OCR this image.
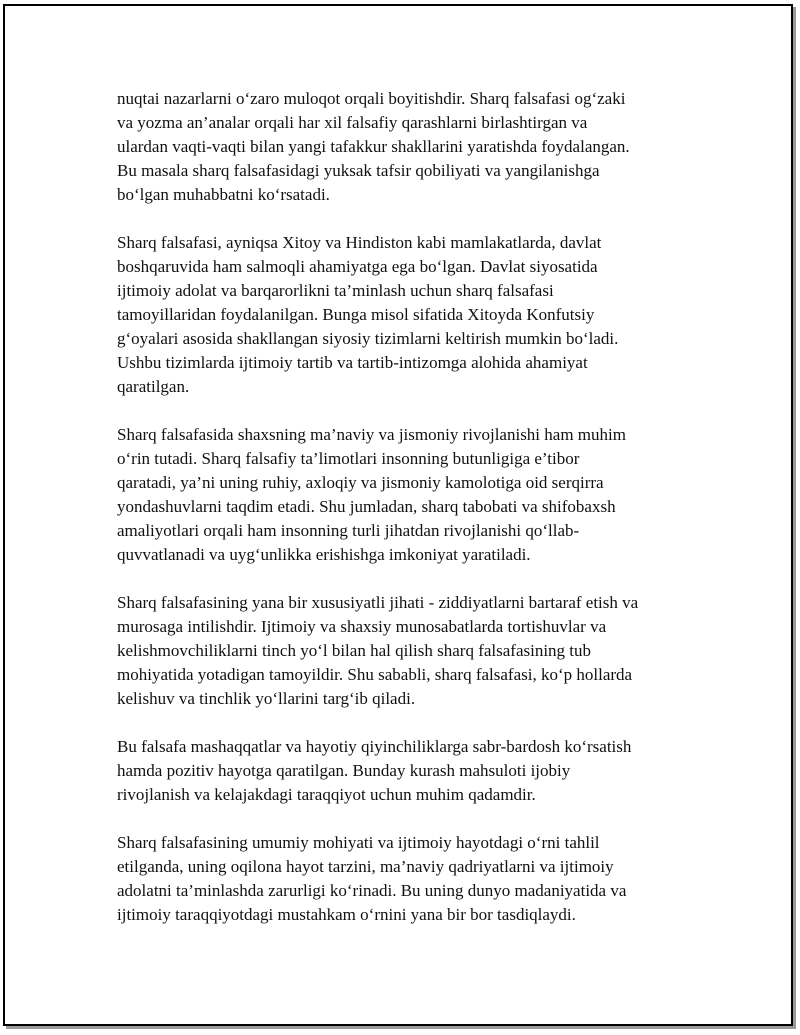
nuqtai nazarlarni o‘zaro muloqot orqali boyitishdir. Sharq falsafasi og‘zaki
va yozma an’analar orqali har xil falsafiy qarashlarni birlashtirgan va
ulardan vaqti-vaqti bilan yangi tafakkur shakllarini yaratishda foydalangan.
Bu masala sharq falsafasidagi yuksak tafsir qobiliyati va yangilanishga
bo‘lgan muhabbatni ko‘rsatadi.

Sharq falsafasi, ayniqsa Xitoy va Hindiston kabi mamlakatlarda, davlat
boshqaruvida ham salmoqli ahamiyatga ega bo‘lgan. Davlat siyosatida
ijtimoiy adolat va barqarorlikni ta’minlash uchun sharq falsafasi
tamoyillaridan foydalanilgan. Bunga misol sifatida Xitoyda Konfutsiy
g‘oyalari asosida shakllangan siyosiy tizimlarni keltirish mumkin bo‘ladi.
Ushbu tizimlarda ijtimoiy tartib va tartib-intizomga alohida ahamiyat
qaratilgan.

Sharq falsafasida shaxsning ma’naviy va jismoniy rivojlanishi ham muhim
o‘rin tutadi. Sharq falsafiy ta’limotlari insonning butunligiga e’tibor
qaratadi, ya’ni uning ruhiy, axloqiy va jismoniy kamolotiga oid serqirra
yondashuvlarni taqdim etadi. Shu jumladan, sharq tabobati va shifobaxsh
amaliyotlari orqali ham insonning turli jihatdan rivojlanishi qo‘llab-
quvvatlanadi va uyg‘unlikka erishishga imkoniyat yaratiladi.

Sharq falsafasining yana bir xususiyatli jihati - ziddiyatlarni bartaraf etish va
murosaga intilishdir. Ijtimoiy va shaxsiy munosabatlarda tortishuvlar va
kelishmovchiliklarni tinch yo‘l bilan hal qilish sharq falsafasining tub
mohiyatida yotadigan tamoyildir. Shu sababli, sharq falsafasi, ko‘p hollarda
kelishuv va tinchlik yo‘llarini targ‘ib qiladi.

Bu falsafa mashaqqatlar va hayotiy qiyinchiliklarga sabr-bardosh ko‘rsatish
hamda pozitiv hayotga qaratilgan. Bunday kurash mahsuloti ijobiy
rivojlanish va kelajakdagi taraqqiyot uchun muhim qadamdir.

Sharq falsafasining umumiy mohiyati va ijtimoiy hayotdagi o‘rni tahlil
etilganda, uning oqilona hayot tarzini, ma’naviy qadriyatlarni va ijtimoiy
adolatni ta’minlashda zarurligi ko‘rinadi. Bu uning dunyo madaniyatida va
ijtimoiy taraqqiyotdagi mustahkam o‘rnini yana bir bor tasdiqlaydi.
